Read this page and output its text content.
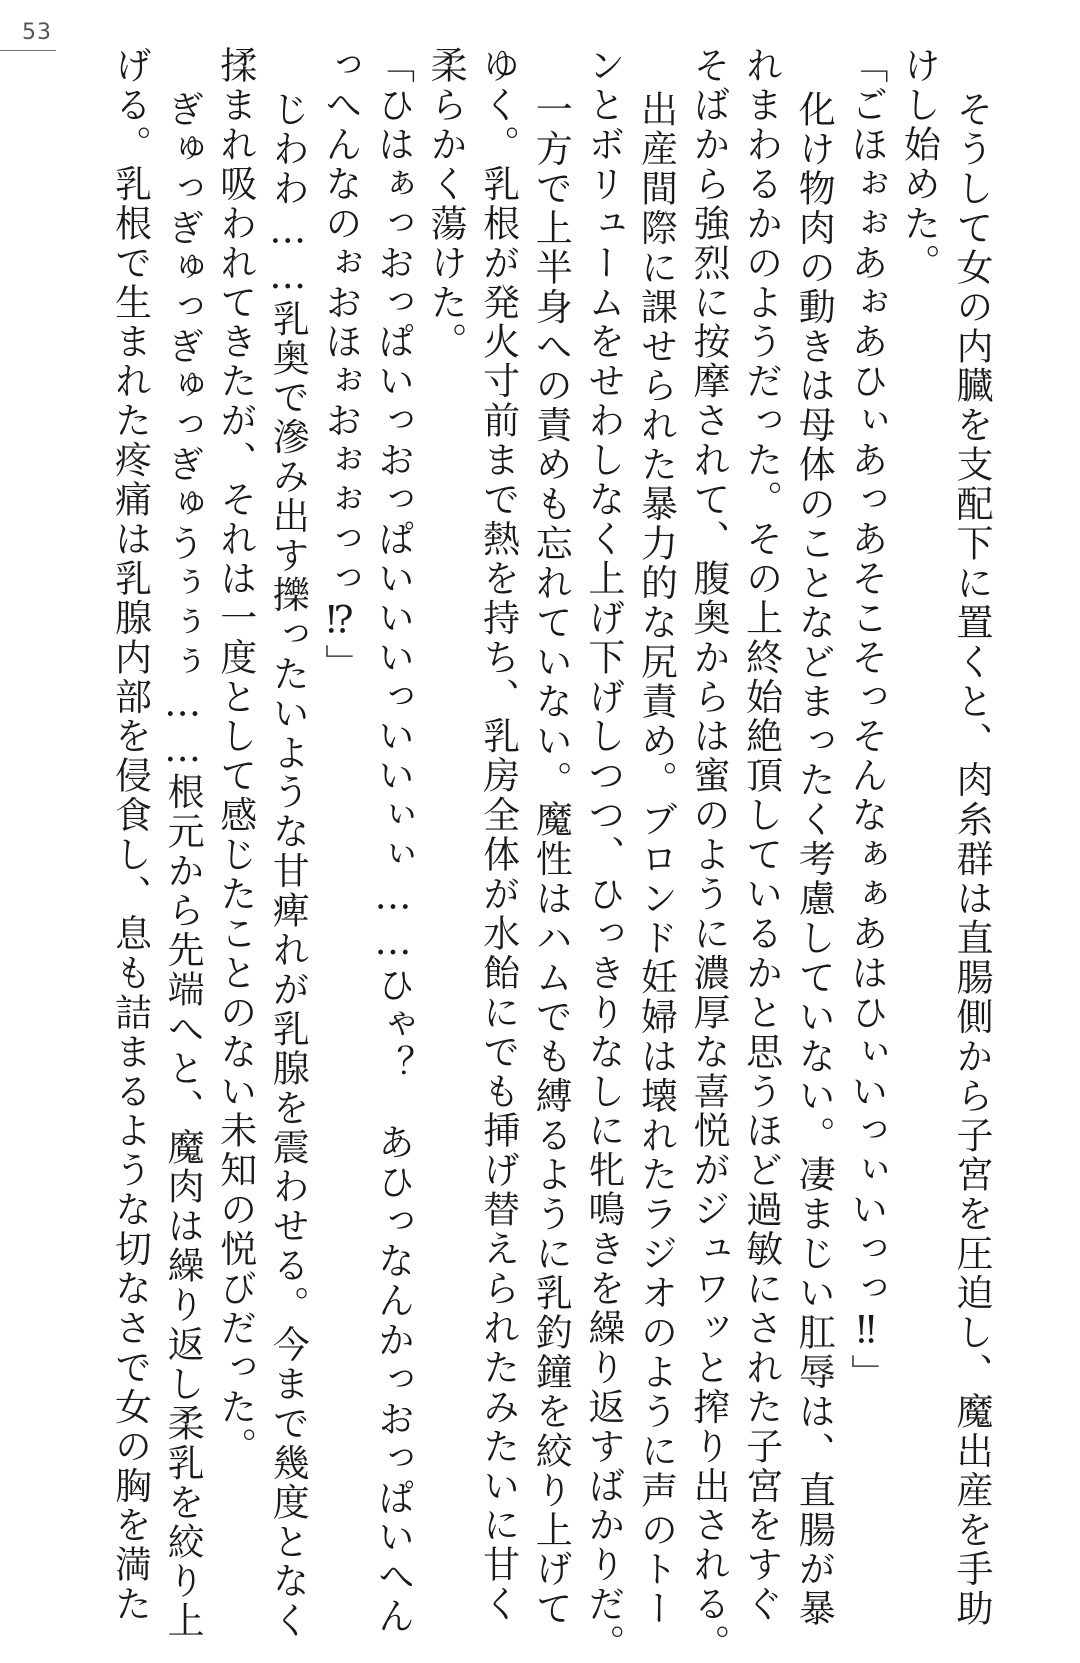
53
そうして女の内臓を支配下に置くと、肉糸群は直腸側から子宮を圧迫し、魔出産を手助
けし始めた。
「ごほぉぉあぉあひぃあっあそこそっそんなぁぁあはひぃいっぃいっっ‼」
化け物肉の動きは母体のことなどまったく考慮していない。凄まじい肛辱は、直腸が暴
れまわるかのようだった。その上終始絶頂しているかと思うほど過敏にされた子宮をすぐ
そばから強烈に按摩されて、腹奥からは蜜のように濃厚な喜悦がジュワッと搾り出される。
出産間際に課せられた暴力的な尻責め。ブロンド妊婦は壊れたラジオのように声のトー
ンとボリュームをせわしなく上げ下げしつつ、ひっきりなしに牝鳴きを繰り返すばかりだ。
一方で上半身への責めも忘れていない。魔性はハムでも縛るように乳釣鐘を絞り上げて
ゆく。乳根が発火寸前まで熱を持ち、乳房全体が水飴にでも挿げ替えられたみたいに甘く
柔らかく蕩けた。
「ひはぁっおっぱいっおっぱいいいっいいぃぃ……ひゃ？　あひっなんかっおっぱいへん
っへんなのぉおほぉおぉぉっっ⁉」
じわわ……乳奥で滲み出す擽ったいような甘痺れが乳腺を震わせる。今まで幾度となく
揉まれ吸われてきたが、それは一度として感じたことのない未知の悦びだった。
ぎゅっぎゅっぎゅっぎゅうぅぅぅ……根元から先端へと、魔肉は繰り返し柔乳を絞り上
げる。乳根で生まれた疼痛は乳腺内部を侵食し、息も詰まるような切なさで女の胸を満た
